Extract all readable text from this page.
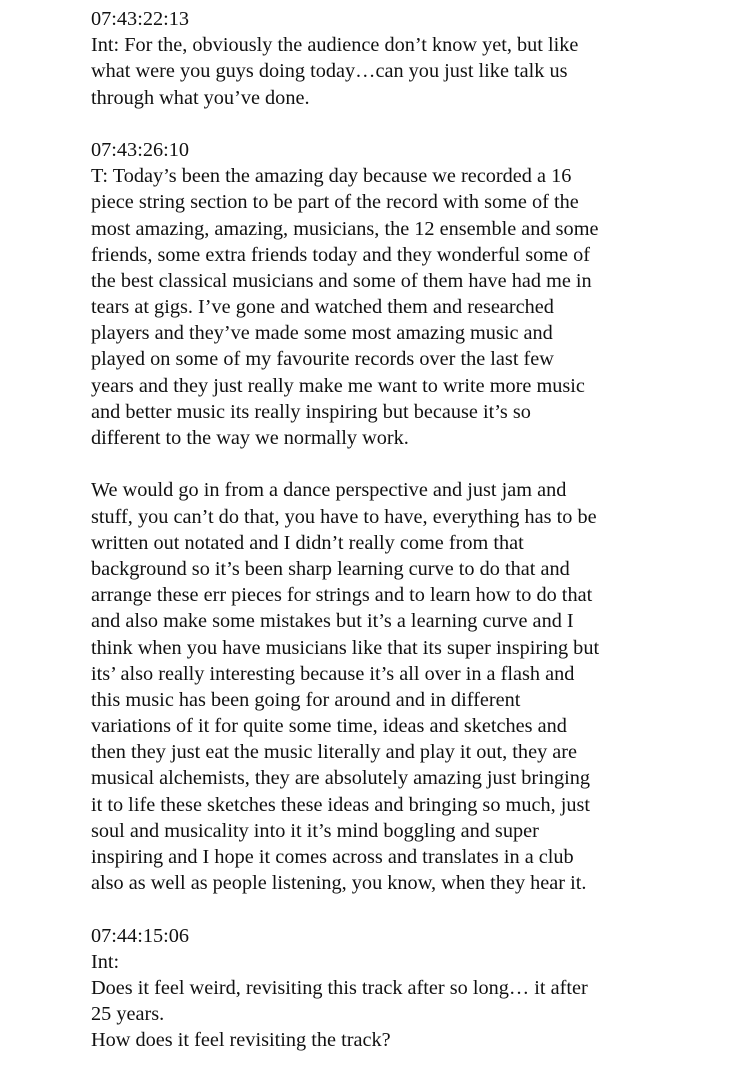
07:43:22:13
Int: For the, obviously the audience don’t know yet, but like
what were you guys doing today…can you just like talk us
through what you’ve done.
07:43:26:10
T: Today’s been the amazing day because we recorded a 16
piece string section to be part of the record with some of the
most amazing, amazing, musicians, the 12 ensemble and some
friends, some extra friends today and they wonderful some of
the best classical musicians and some of them have had me in
tears at gigs. I’ve gone and watched them and researched
players and they’ve made some most amazing music and
played on some of my favourite records over the last few
years and they just really make me want to write more music
and better music its really inspiring but because it’s so
different to the way we normally work.
We would go in from a dance perspective and just jam and
stuff, you can’t do that, you have to have, everything has to be
written out notated and I didn’t really come from that
background so it’s been sharp learning curve to do that and
arrange these err pieces for strings and to learn how to do that
and also make some mistakes but it’s a learning curve and I
think when you have musicians like that its super inspiring but
its’ also really interesting because it’s all over in a flash and
this music has been going for around and in different
variations of it for quite some time, ideas and sketches and
then they just eat the music literally and play it out, they are
musical alchemists, they are absolutely amazing just bringing
it to life these sketches these ideas and bringing so much, just
soul and musicality into it it’s mind boggling and super
inspiring and I hope it comes across and translates in a club
also as well as people listening, you know, when they hear it.
07:44:15:06
Int:
Does it feel weird, revisiting this track after so long… it after
25 years.
How does it feel revisiting the track?
